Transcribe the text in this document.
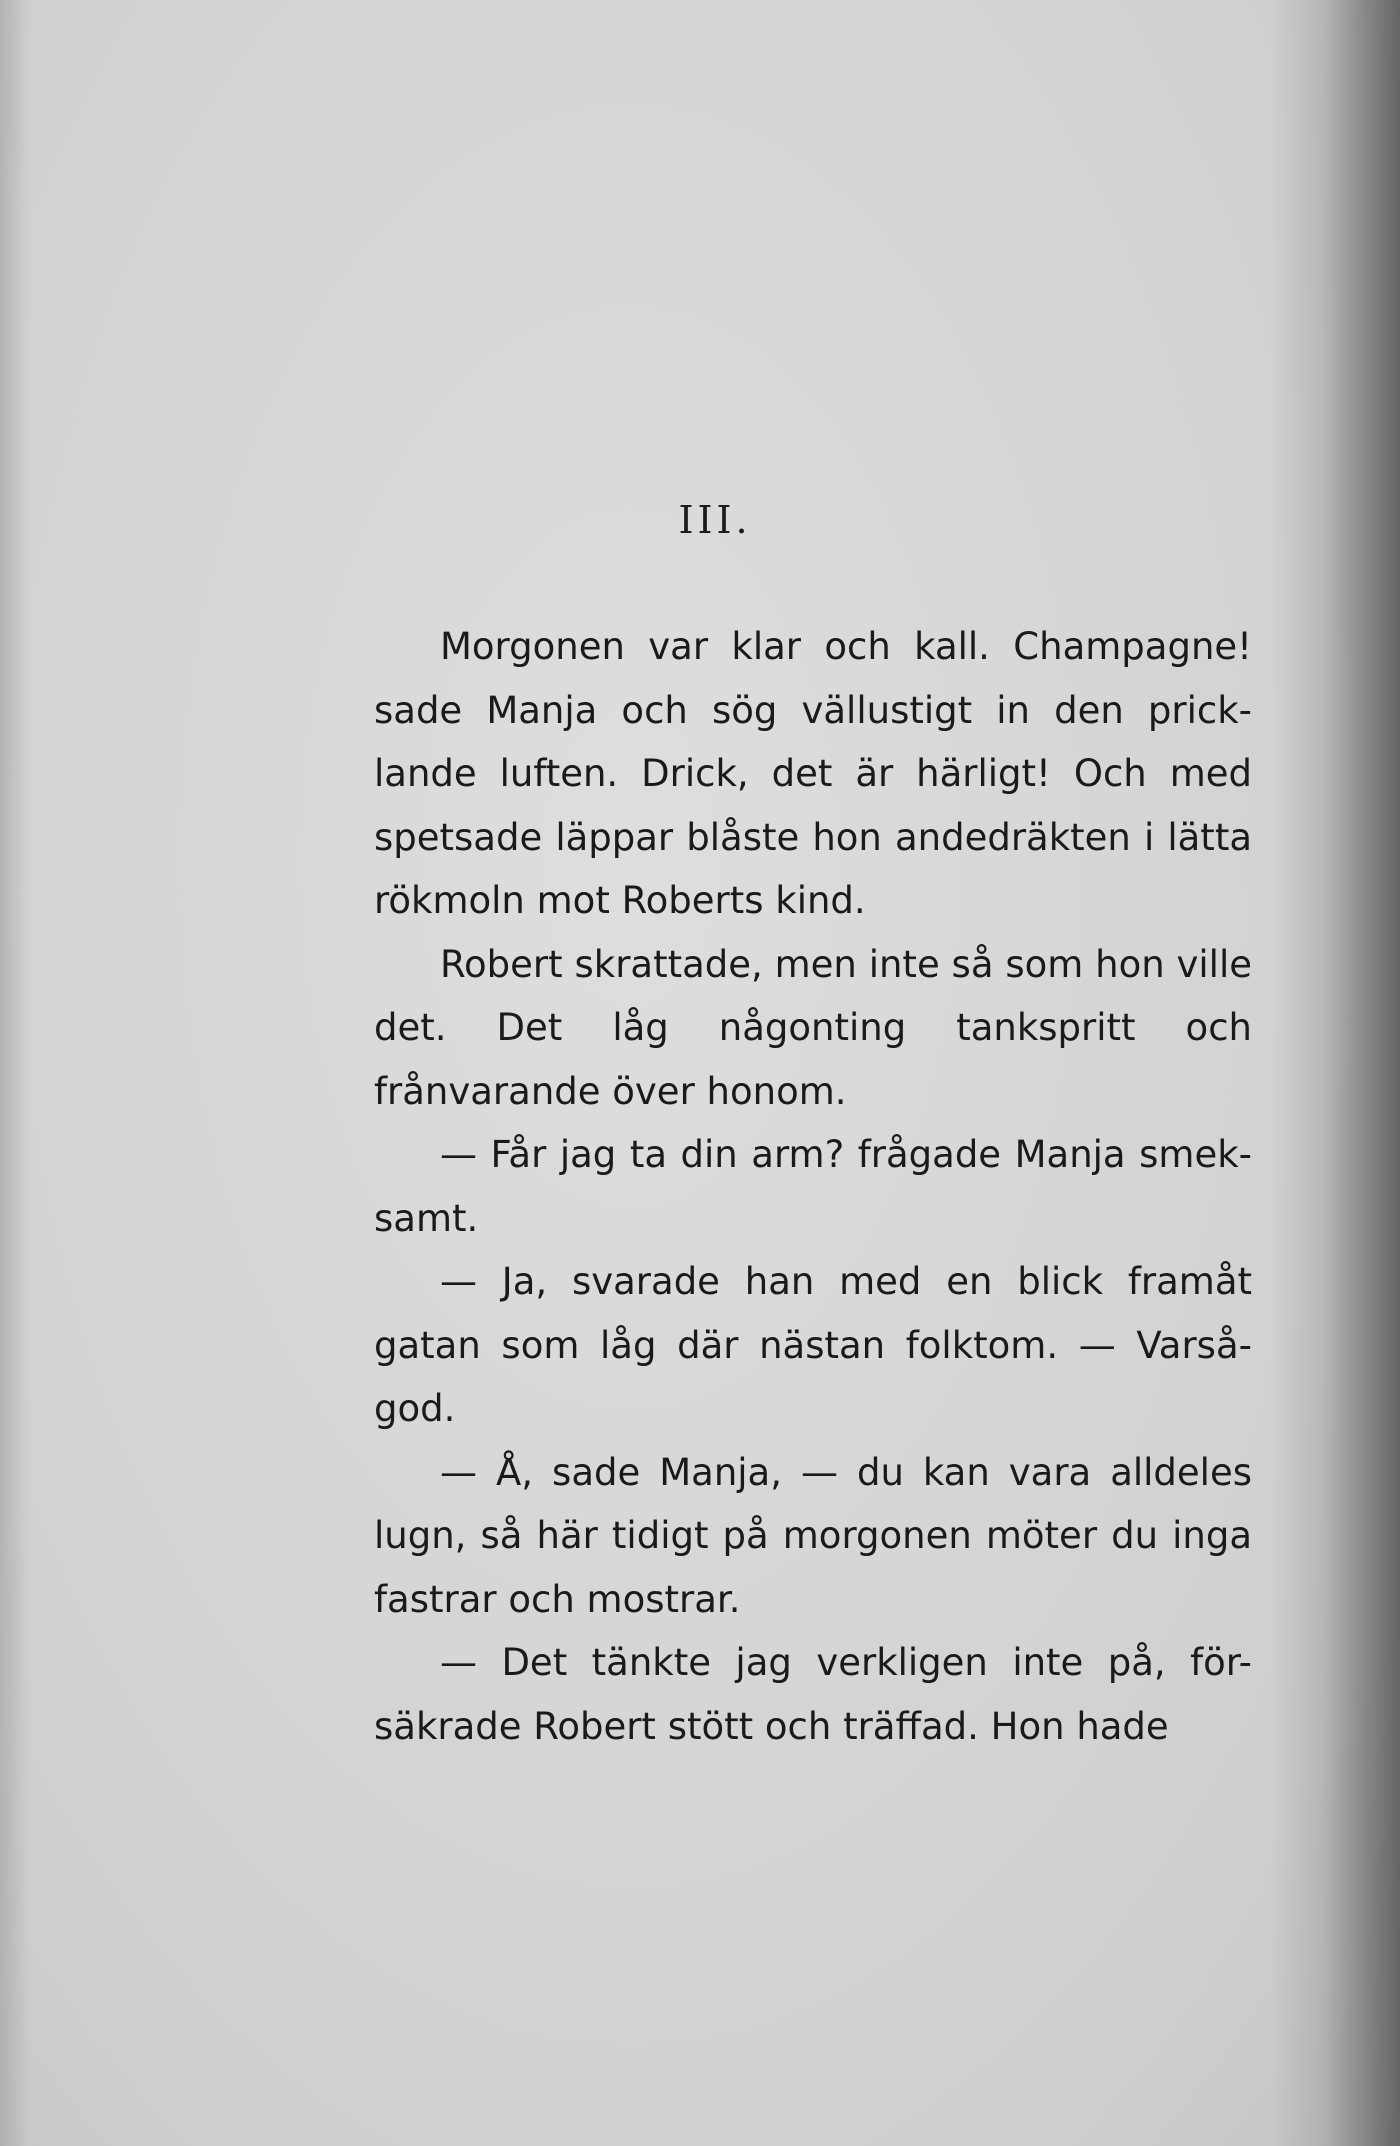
III.

Morgonen var klar och kall. Champagne! sade Manja och sög vällustigt in den prick- lande luften. Drick, det är härligt! Och med spetsade läppar blåste hon andedräkten i lätta rökmoln mot Roberts kind.

Robert skrattade, men inte så som hon ville det. Det låg någonting tankspritt och frånvarande över honom.

— Får jag ta din arm? frågade Manja smek- samt.

— Ja, svarade han med en blick framåt gatan som låg där nästan folktom. — Varså- god.

— Å, sade Manja, — du kan vara alldeles lugn, så här tidigt på morgonen möter du inga fastrar och mostrar.

— Det tänkte jag verkligen inte på, för- säkrade Robert stött och träffad. Hon hade
